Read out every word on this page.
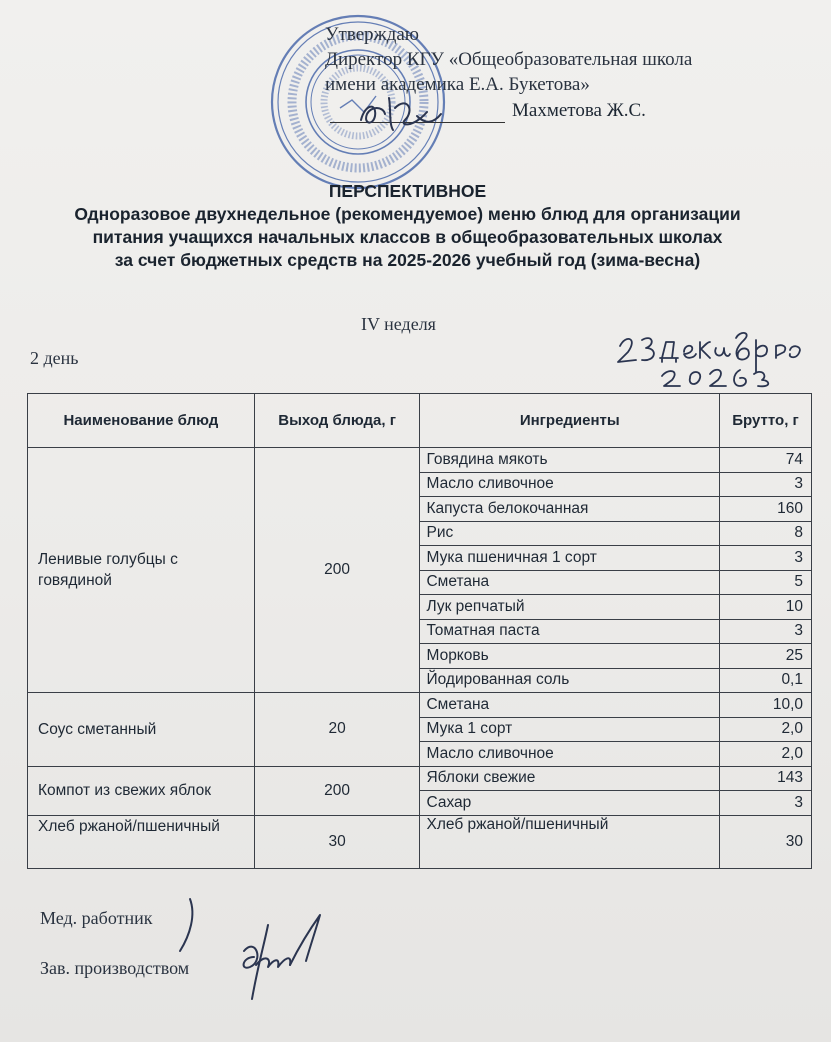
Утверждаю
Директор КГУ «Общеобразовательная школа
имени академика Е.А. Букетова»
Махметова Ж.С.
ПЕРСПЕКТИВНОЕ
Одноразовое двухнедельное (рекомендуемое) меню блюд для организации
питания учащихся начальных классов в общеобразовательных школах
за счет бюджетных средств на 2025-2026 учебный год (зима-весна)
IV неделя
2 день
Наименование блюд	Выход блюда, г	Ингредиенты	Брутто, г
Ленивые голубцы с говядиной	200	Говядина мякоть	74
		Масло сливочное	3
		Капуста белокочанная	160
		Рис	8
		Мука пшеничная 1 сорт	3
		Сметана	5
		Лук репчатый	10
		Томатная паста	3
		Морковь	25
		Йодированная соль	0,1
Соус сметанный	20	Сметана	10,0
		Мука 1 сорт	2,0
		Масло сливочное	2,0
Компот из свежих яблок	200	Яблоки свежие	143
		Сахар	3
Хлеб ржаной/пшеничный	30	Хлеб ржаной/пшеничный	30
Мед. работник
Зав. производством
